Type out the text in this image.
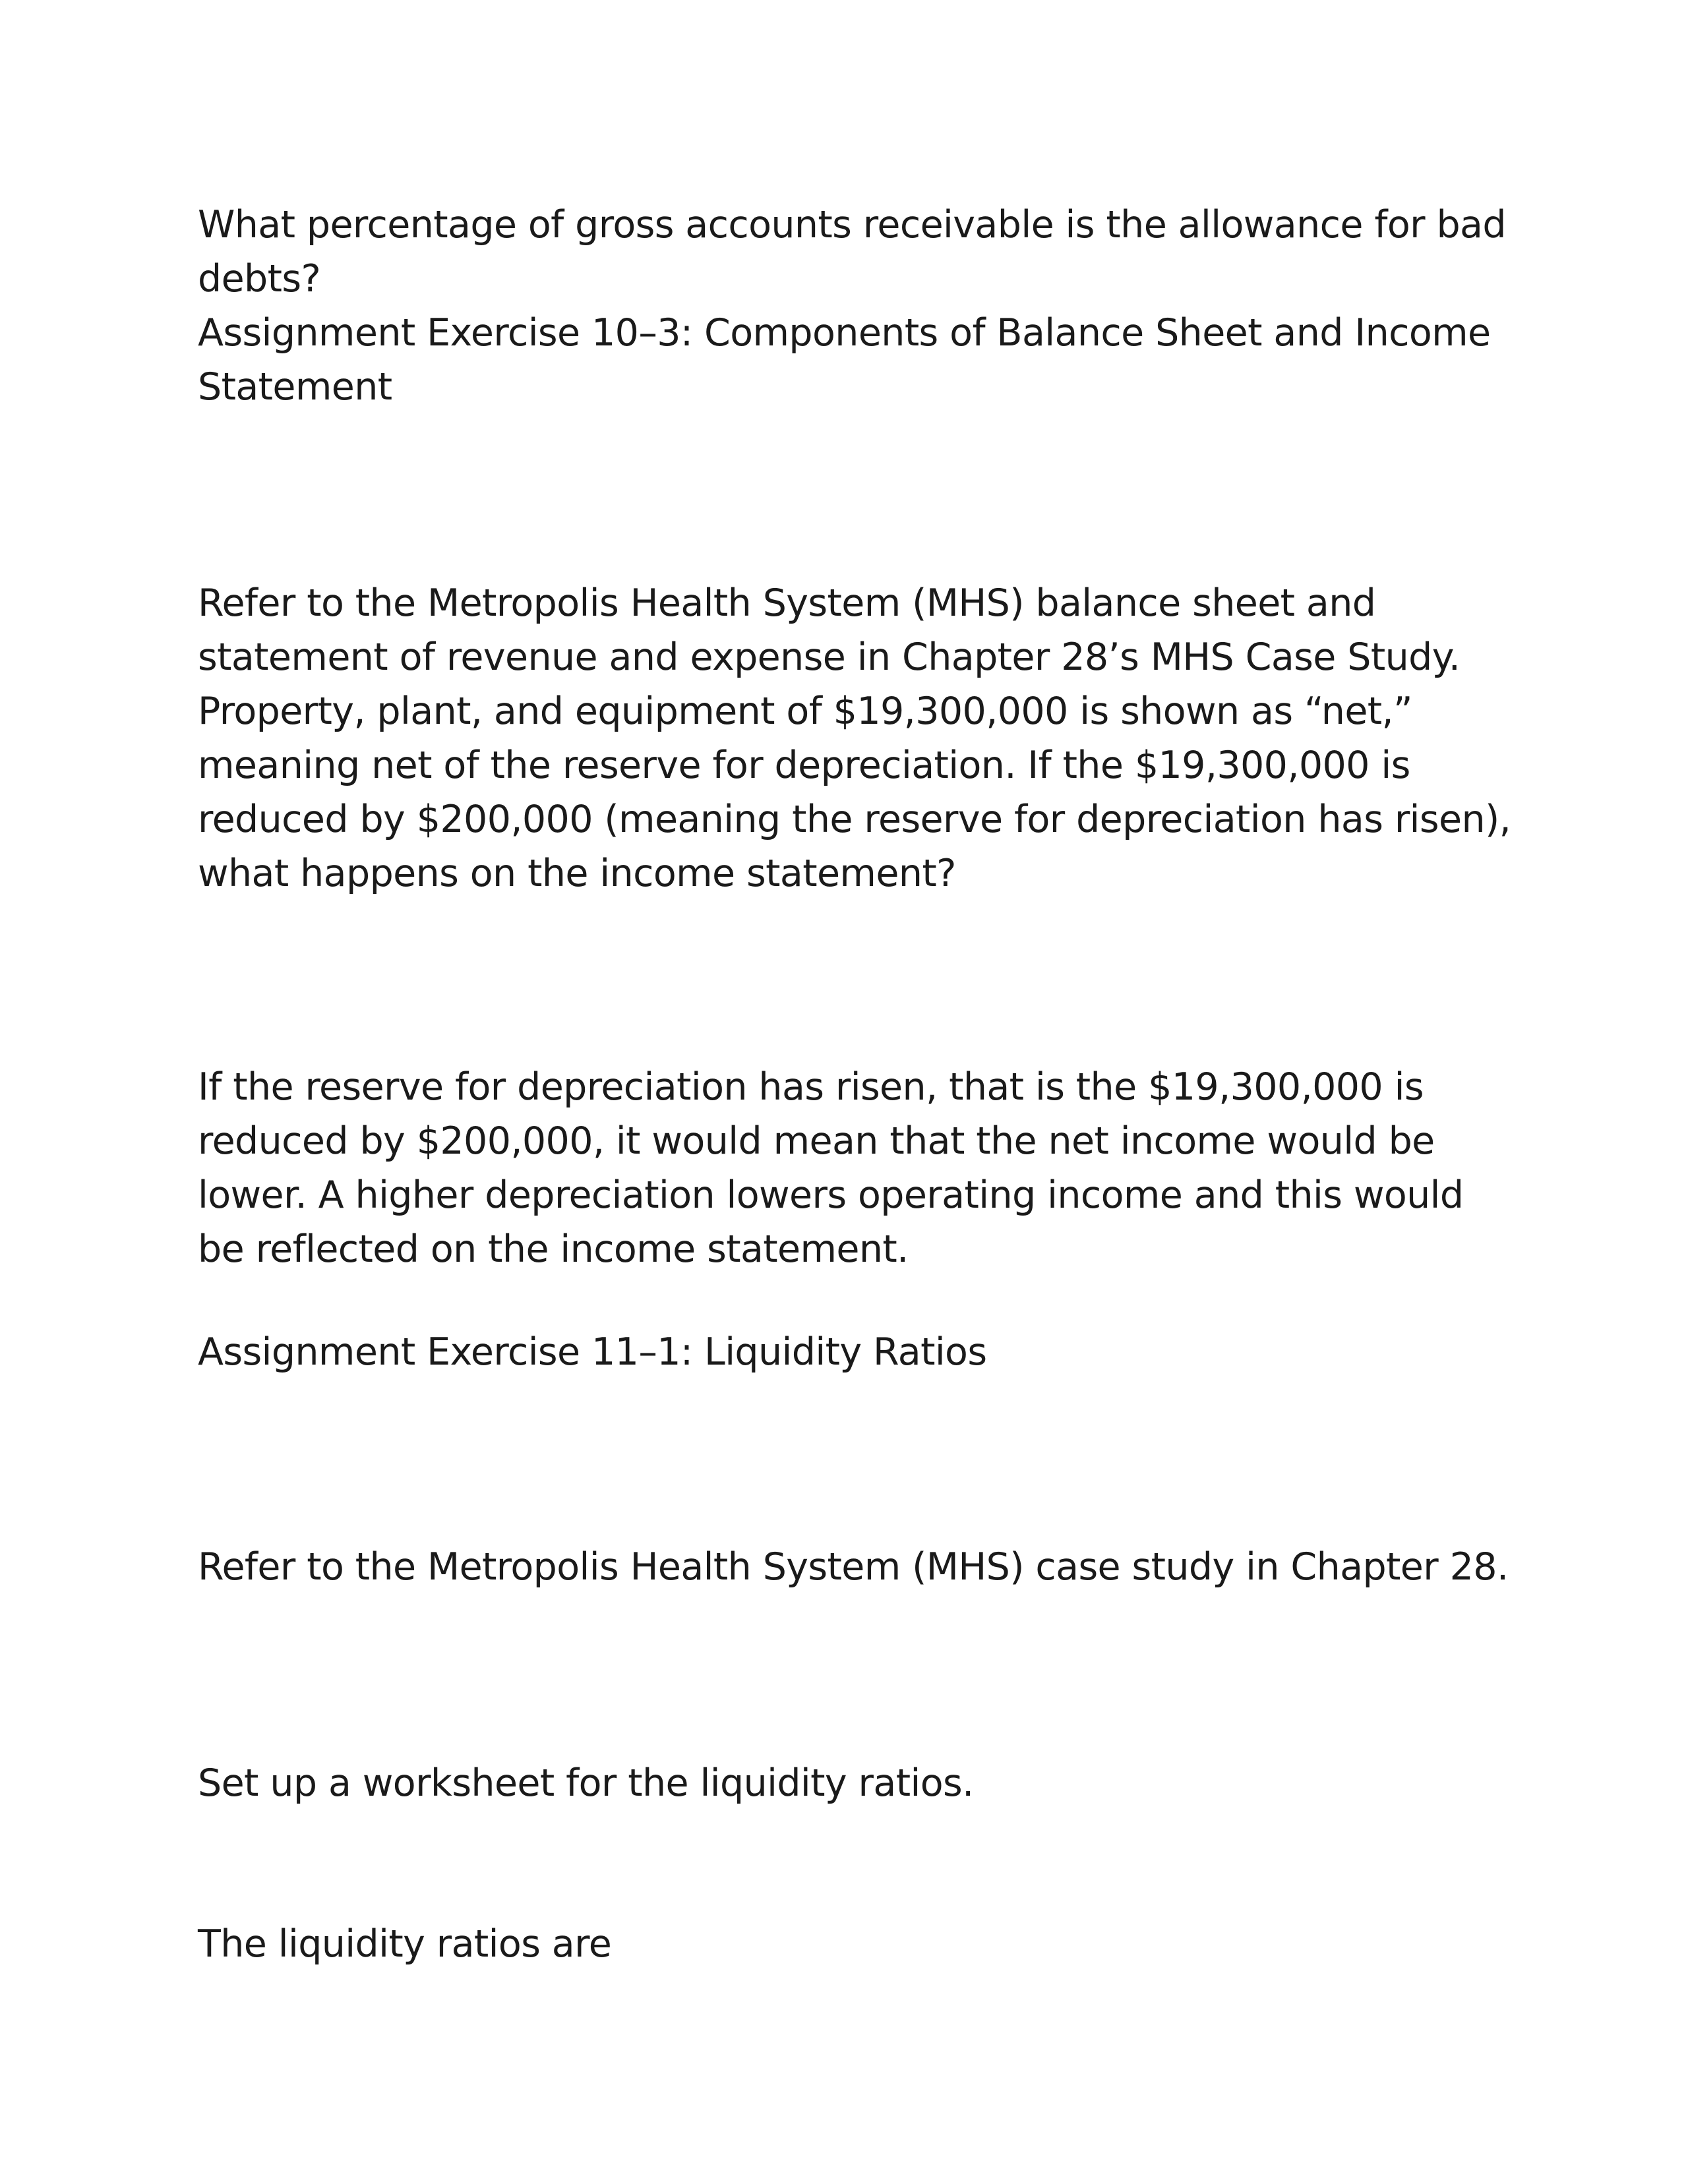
What percentage of gross accounts receivable is the allowance for bad debts?

Assignment Exercise 10–3: Components of Balance Sheet and Income Statement

Refer to the Metropolis Health System (MHS) balance sheet and statement of revenue and expense in Chapter 28’s MHS Case Study. Property, plant, and equipment of $19,300,000 is shown as “net,” meaning net of the reserve for depreciation. If the $19,300,000 is reduced by $200,000 (meaning the reserve for depreciation has risen), what happens on the income statement?

If the reserve for depreciation has risen, that is the $19,300,000 is reduced by $200,000, it would mean that the net income would be lower. A higher depreciation lowers operating income and this would be reflected on the income statement.

Assignment Exercise 11–1: Liquidity Ratios

Refer to the Metropolis Health System (MHS) case study in Chapter 28.

Set up a worksheet for the liquidity ratios.

The liquidity ratios are
